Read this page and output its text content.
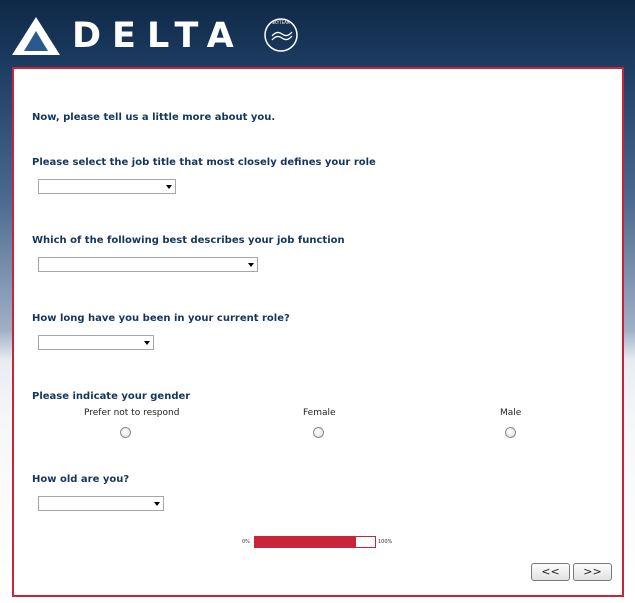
DELTA	SKYTEAM
Now, please tell us a little more about you.
Please select the job title that most closely defines your role
Which of the following best describes your job function
How long have you been in your current role?
Please indicate your gender
Prefer not to respond	Female	Male
How old are you?
0%	100%
<<	>>
